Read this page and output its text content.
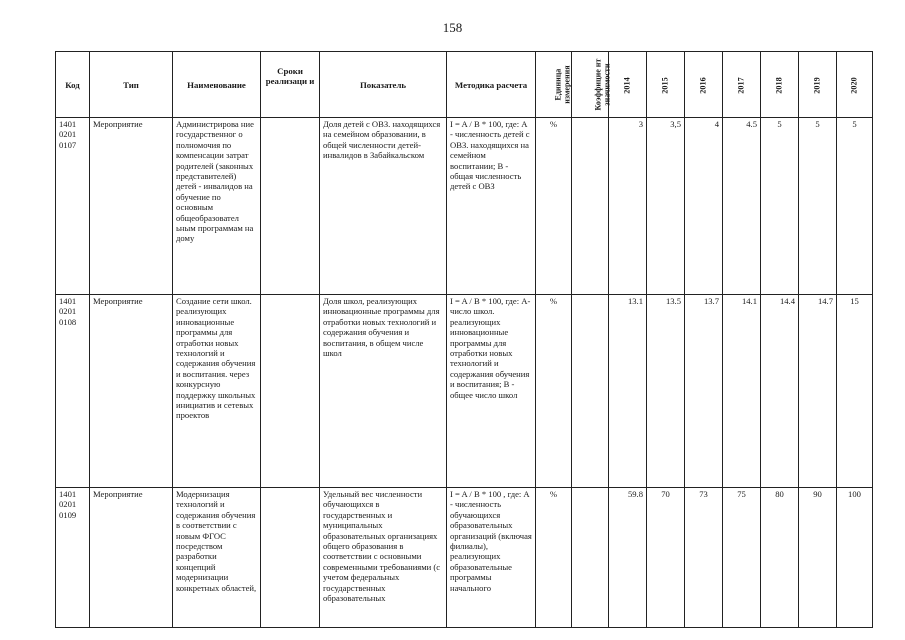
158
Код	Тип	Наименование	Сроки реализаци и	Показатель	Методика расчета	Единица измерения	Коэффицие нт значимости	2014	2015	2016	2017	2018	2019	2020
1401 0201 0107	Мероприятие	Администрирова ние государственног о полномочия по компенсации затрат родителей (законных представителей) детей - инвалидов на обучение по основным общеобразовател ьным программам на дому		Доля детей с ОВЗ. находящихся на семейном образовании, в общей численности детей-инвалидов в Забайкальском	I = A / B * 100, где: A - численность детей с ОВЗ. находящихся на семейном воспитании; B - общая численность детей с ОВЗ	%		3	3,5	4	4.5	5	5	5
1401 0201 0108	Мероприятие	Создание сети школ. реализующих инновационные программы для отработки новых технологий и содержания обучения и воспитания. через конкурсную поддержку школьных инициатив и сетевых проектов		Доля школ, реализующих инновационные программы для отработки новых технологий и содержания обучения и воспитания, в общем числе школ	I = A / B * 100, где: A- число школ. реализующих инновационные программы для отработки новых технологий и содержания обучения и воспитания; B - общее число школ	%		13.1	13.5	13.7	14.1	14.4	14.7	15
1401 0201 0109	Мероприятие	Модернизация технологий и содержания обучения в соответствии с новым ФГОС посредством разработки концепций модернизации конкретных областей,		Удельный вес численности обучающихся в государственных и муниципальных образовательных организациях общего образования в соответствии с основными современными требованиями (с учетом федеральных государственных образовательных	I = A / B * 100 , где: A - численность обучающихся образовательных организаций (включая филиалы), реализующих образовательные программы начального	%		59.8	70	73	75	80	90	100
